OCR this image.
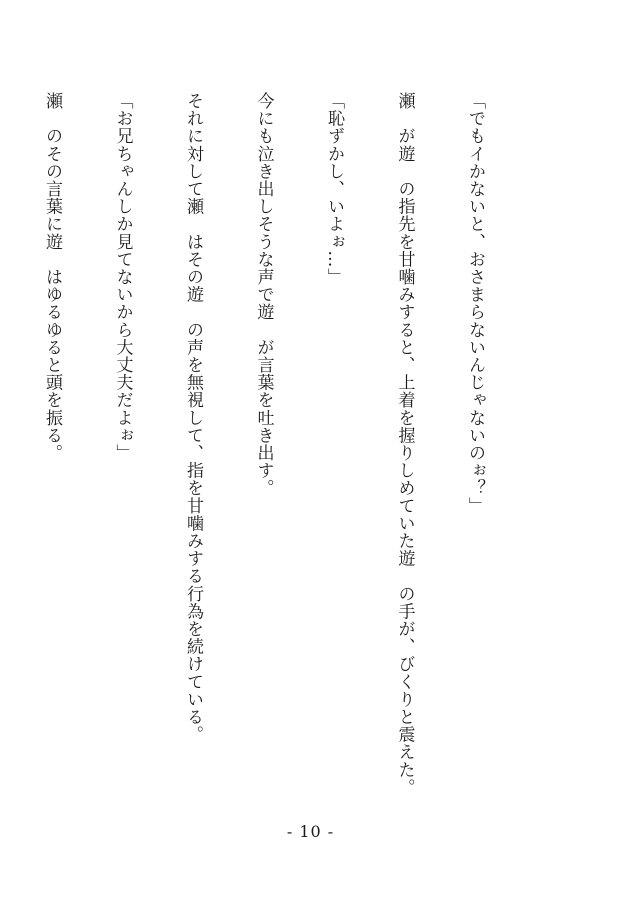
「でもイかないと、おさまらないんじゃないのぉ？」

瀬　が遊　の指先を甘噛みすると、上着を握りしめていた遊　の手が、びくりと震えた。

「恥ずかし、いよぉ…」

今にも泣き出しそうな声で遊　が言葉を吐き出す。

それに対して瀬　はその遊　の声を無視して、指を甘噛みする行為を続けている。

「お兄ちゃんしか見てないから大丈夫だよぉ」

瀬　のその言葉に遊　はゆるゆると頭を振る。

- 10 -
